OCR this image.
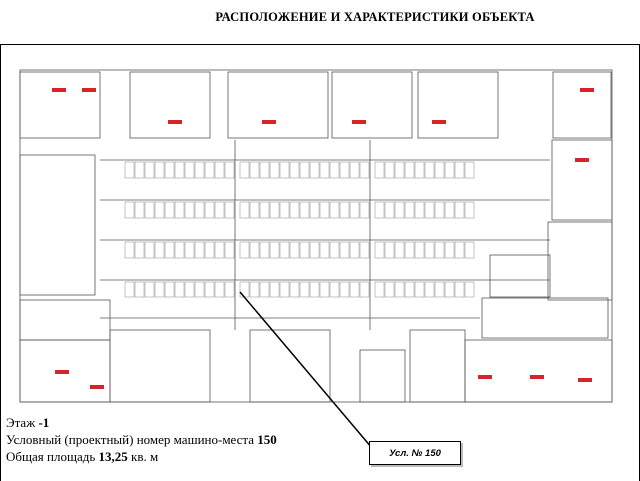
РАСПОЛОЖЕНИЕ И ХАРАКТЕРИСТИКИ ОБЪЕКТА
Этаж -1
Условный (проектный) номер машино-места 150
Общая площадь 13,25 кв. м	Усл. № 150
